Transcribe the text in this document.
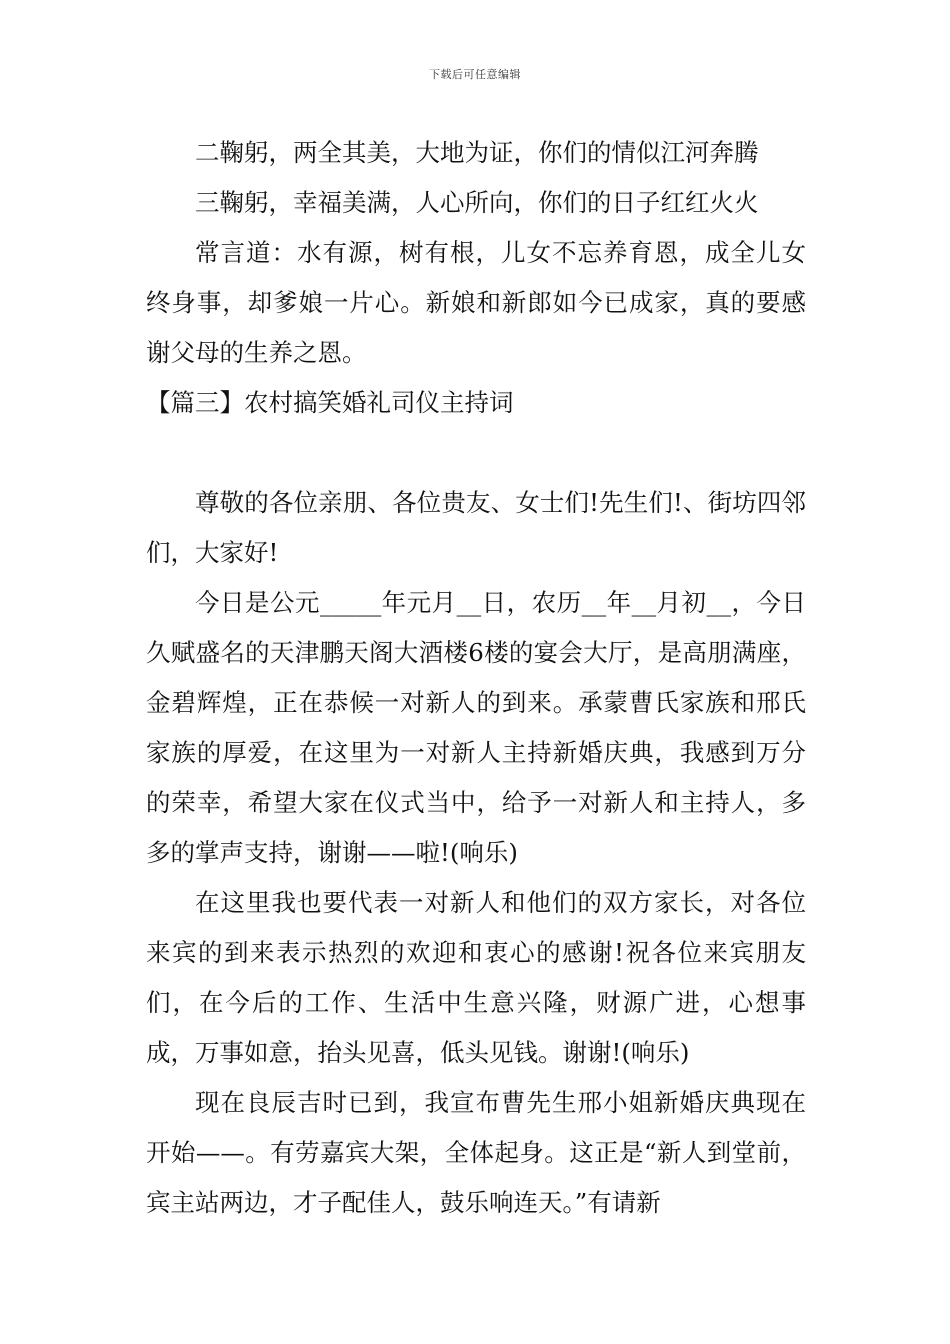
下载后可任意编辑

二鞠躬，两全其美，大地为证，你们的情似江河奔腾

三鞠躬，幸福美满，人心所向，你们的日子红红火火

常言道：水有源，树有根，儿女不忘养育恩，成全儿女终身事，却爹娘一片心。新娘和新郎如今已成家，真的要感谢父母的生养之恩。

【篇三】农村搞笑婚礼司仪主持词

尊敬的各位亲朋、各位贵友、女士们!先生们!、街坊四邻们，大家好!

今日是公元_____年元月__日，农历__年__月初__，今日久赋盛名的天津鹏天阁大酒楼6楼的宴会大厅，是高朋满座，金碧辉煌，正在恭候一对新人的到来。承蒙曹氏家族和邢氏家族的厚爱，在这里为一对新人主持新婚庆典，我感到万分的荣幸，希望大家在仪式当中，给予一对新人和主持人，多多的掌声支持，谢谢——啦!(响乐)

在这里我也要代表一对新人和他们的双方家长，对各位来宾的到来表示热烈的欢迎和衷心的感谢!祝各位来宾朋友们，在今后的工作、生活中生意兴隆，财源广进，心想事成，万事如意，抬头见喜，低头见钱。谢谢!(响乐)

现在良辰吉时已到，我宣布曹先生邢小姐新婚庆典现在开始——。有劳嘉宾大架，全体起身。这正是“新人到堂前，宾主站两边，才子配佳人，鼓乐响连天。”有请新
